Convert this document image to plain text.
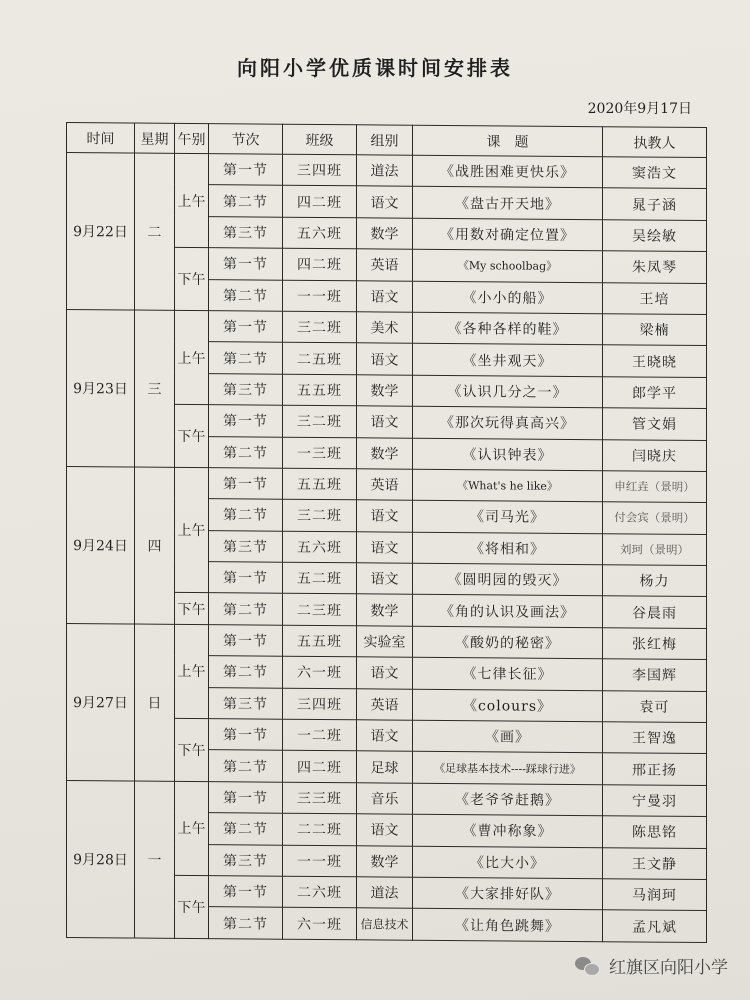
向阳小学优质课时间安排表
2020年9月17日
时间	星期	午别	节次	班级	组别	课　题	执教人
9月22日	二	上午	第一节	三四班	道法	《战胜困难更快乐》	窦浩文
			第二节	四二班	语文	《盘古开天地》	晁子涵
			第三节	五六班	数学	《用数对确定位置》	吴绘敏
		下午	第一节	四二班	英语	《My schoolbag》	朱凤琴
			第二节	一一班	语文	《小小的船》	王培
9月23日	三	上午	第一节	三二班	美术	《各种各样的鞋》	梁楠
			第二节	二五班	语文	《坐井观天》	王晓晓
			第三节	五五班	数学	《认识几分之一》	郎学平
		下午	第一节	三二班	语文	《那次玩得真高兴》	管文娟
			第二节	一三班	数学	《认识钟表》	闫晓庆
9月24日	四	上午	第一节	五五班	英语	《What's he like》	申红垚（景明）
			第二节	三二班	语文	《司马光》	付会宾（景明）
			第三节	五六班	语文	《将相和》	刘珂（景明）
			第一节	五二班	语文	《圆明园的毁灭》	杨力
		下午	第二节	二三班	数学	《角的认识及画法》	谷晨雨
9月27日	日	上午	第一节	五五班	实验室	《酸奶的秘密》	张红梅
			第二节	六一班	语文	《七律长征》	李国辉
			第三节	三四班	英语	《colours》	袁可
		下午	第一节	一二班	语文	《画》	王智逸
			第二节	四二班	足球	《足球基本技术----踩球行进》	邢正扬
9月28日	一	上午	第一节	三三班	音乐	《老爷爷赶鹅》	宁曼羽
			第二节	二二班	语文	《曹冲称象》	陈思铭
			第三节	一一班	数学	《比大小》	王文静
		下午	第一节	二六班	道法	《大家排好队》	马润珂
			第二节	六一班	信息技术	《让角色跳舞》	孟凡斌
红旗区向阳小学
